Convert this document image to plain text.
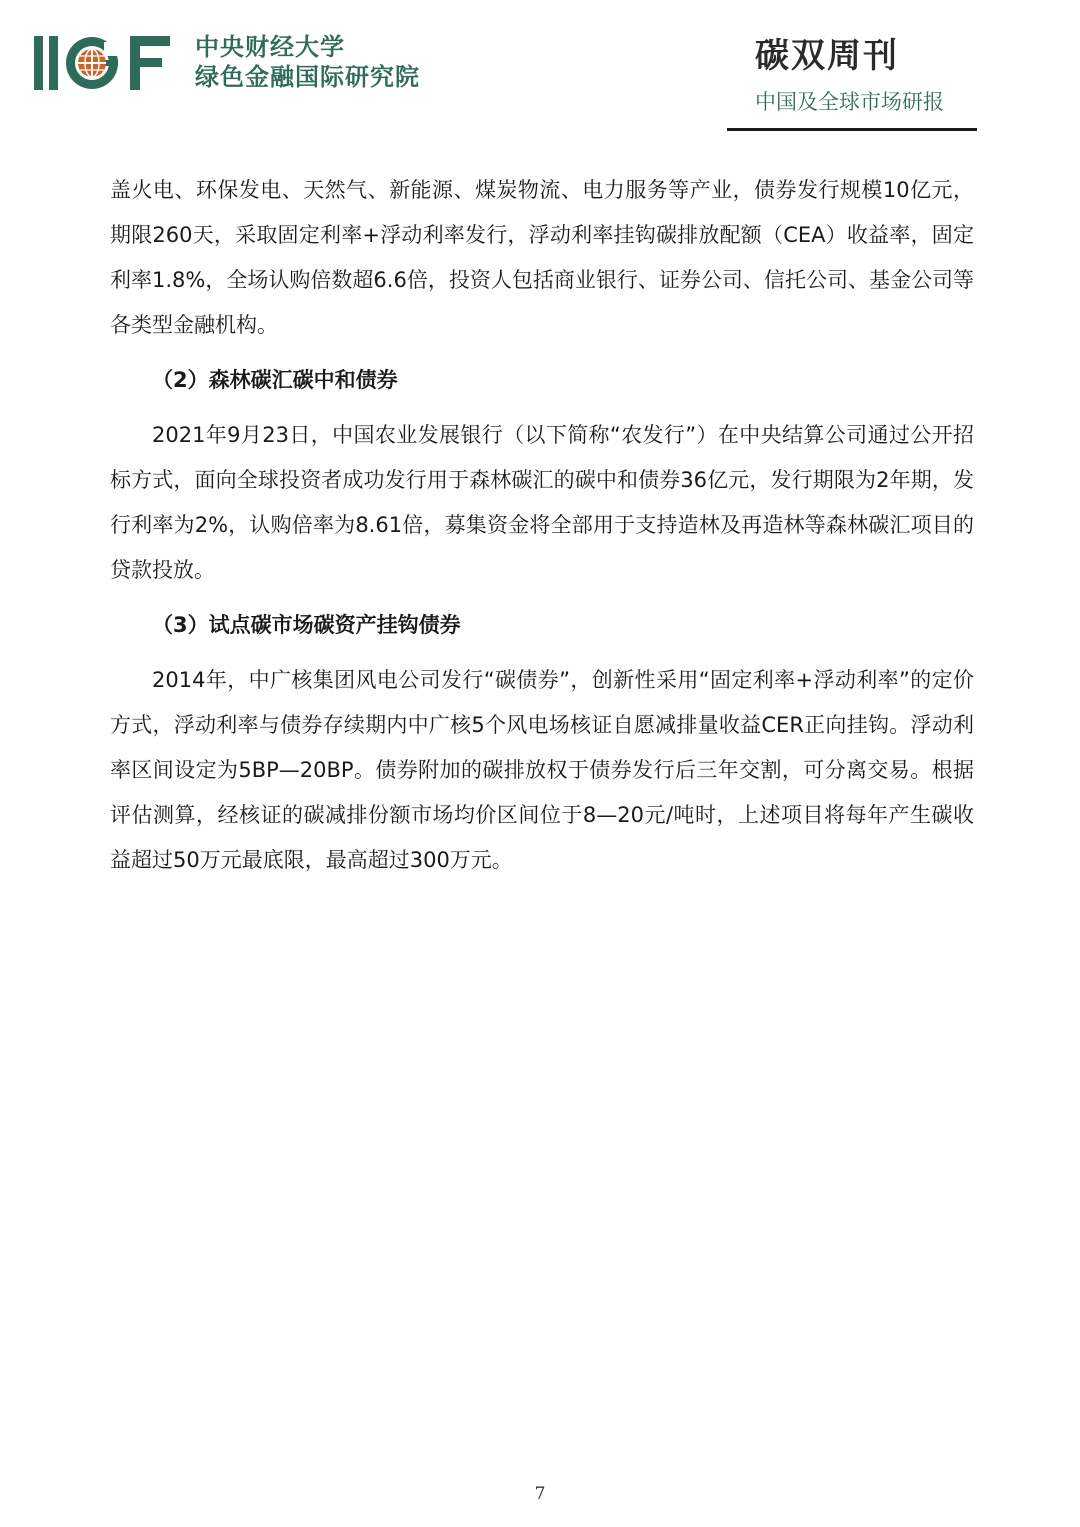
中央财经大学
绿色金融国际研究院
碳双周刊
中国及全球市场研报

盖火电、环保发电、天然气、新能源、煤炭物流、电力服务等产业，债券发行规模10亿元，期限260天，采取固定利率+浮动利率发行，浮动利率挂钩碳排放配额（CEA）收益率，固定利率1.8%，全场认购倍数超6.6倍，投资人包括商业银行、证券公司、信托公司、基金公司等各类型金融机构。

（2）森林碳汇碳中和债券

2021年9月23日，中国农业发展银行（以下简称“农发行”）在中央结算公司通过公开招标方式，面向全球投资者成功发行用于森林碳汇的碳中和债券36亿元，发行期限为2年期，发行利率为2%，认购倍率为8.61倍，募集资金将全部用于支持造林及再造林等森林碳汇项目的贷款投放。

（3）试点碳市场碳资产挂钩债券

2014年，中广核集团风电公司发行“碳债券”，创新性采用“固定利率+浮动利率”的定价方式，浮动利率与债券存续期内中广核5个风电场核证自愿减排量收益CER正向挂钩。浮动利率区间设定为5BP—20BP。债券附加的碳排放权于债券发行后三年交割，可分离交易。根据评估测算，经核证的碳减排份额市场均价区间位于8—20元/吨时，上述项目将每年产生碳收益超过50万元最底限，最高超过300万元。

7
